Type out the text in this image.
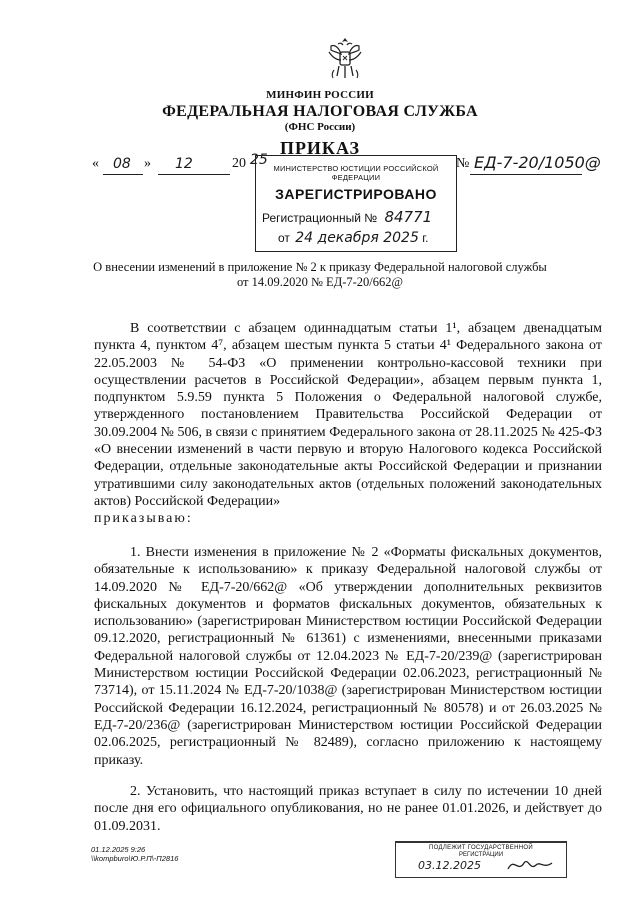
МИНФИН РОССИИ
ФЕДЕРАЛЬНАЯ НАЛОГОВАЯ СЛУЖБА
(ФНС России)
ПРИКАЗ
« 08 » 12	20 25	№ ЕД-7-20/1050@
МИНИСТЕРСТВО ЮСТИЦИИ РОССИЙСКОЙ ФЕДЕРАЦИИ
ЗАРЕГИСТРИРОВАНО
Регистрационный № 84771
от 24 декабря 2025 г.
О внесении изменений в приложение № 2 к приказу Федеральной налоговой службы
от 14.09.2020 № ЕД-7-20/662@

В соответствии с абзацем одиннадцатым статьи 1¹, абзацем двенадцатым пункта 4, пунктом 4⁷, абзацем шестым пункта 5 статьи 4¹ Федерального закона от 22.05.2003 № 54-ФЗ «О применении контрольно-кассовой техники при осуществлении расчетов в Российской Федерации», абзацем первым пункта 1, подпунктом 5.9.59 пункта 5 Положения о Федеральной налоговой службе, утвержденного постановлением Правительства Российской Федерации от 30.09.2004 № 506, в связи с принятием Федерального закона от 28.11.2025 № 425-ФЗ «О внесении изменений в части первую и вторую Налогового кодекса Российской Федерации, отдельные законодательные акты Российской Федерации и признании утратившими силу законодательных актов (отдельных положений законодательных актов) Российской Федерации»

приказываю:

1. Внести изменения в приложение № 2 «Форматы фискальных документов, обязательные к использованию» к приказу Федеральной налоговой службы от 14.09.2020 № ЕД-7-20/662@ «Об утверждении дополнительных реквизитов фискальных документов и форматов фискальных документов, обязательных к использованию» (зарегистрирован Министерством юстиции Российской Федерации 09.12.2020, регистрационный № 61361) с изменениями, внесенными приказами Федеральной налоговой службы от 12.04.2023 № ЕД-7-20/239@ (зарегистрирован Министерством юстиции Российской Федерации 02.06.2023, регистрационный № 73714), от 15.11.2024 № ЕД-7-20/1038@ (зарегистрирован Министерством юстиции Российской Федерации 16.12.2024, регистрационный № 80578) и от 26.03.2025 № ЕД-7-20/236@ (зарегистрирован Министерством юстиции Российской Федерации 02.06.2025, регистрационный № 82489), согласно приложению к настоящему приказу.

2. Установить, что настоящий приказ вступает в силу по истечении 10 дней после дня его официального опубликования, но не ранее 01.01.2026, и действует до 01.09.2031.

01.12.2025 9:26
\\kompburo\Ю.Р.П\-П2816
ПОДЛЕЖИТ ГОСУДАРСТВЕННОЙ
РЕГИСТРАЦИИ
03.12.2025
